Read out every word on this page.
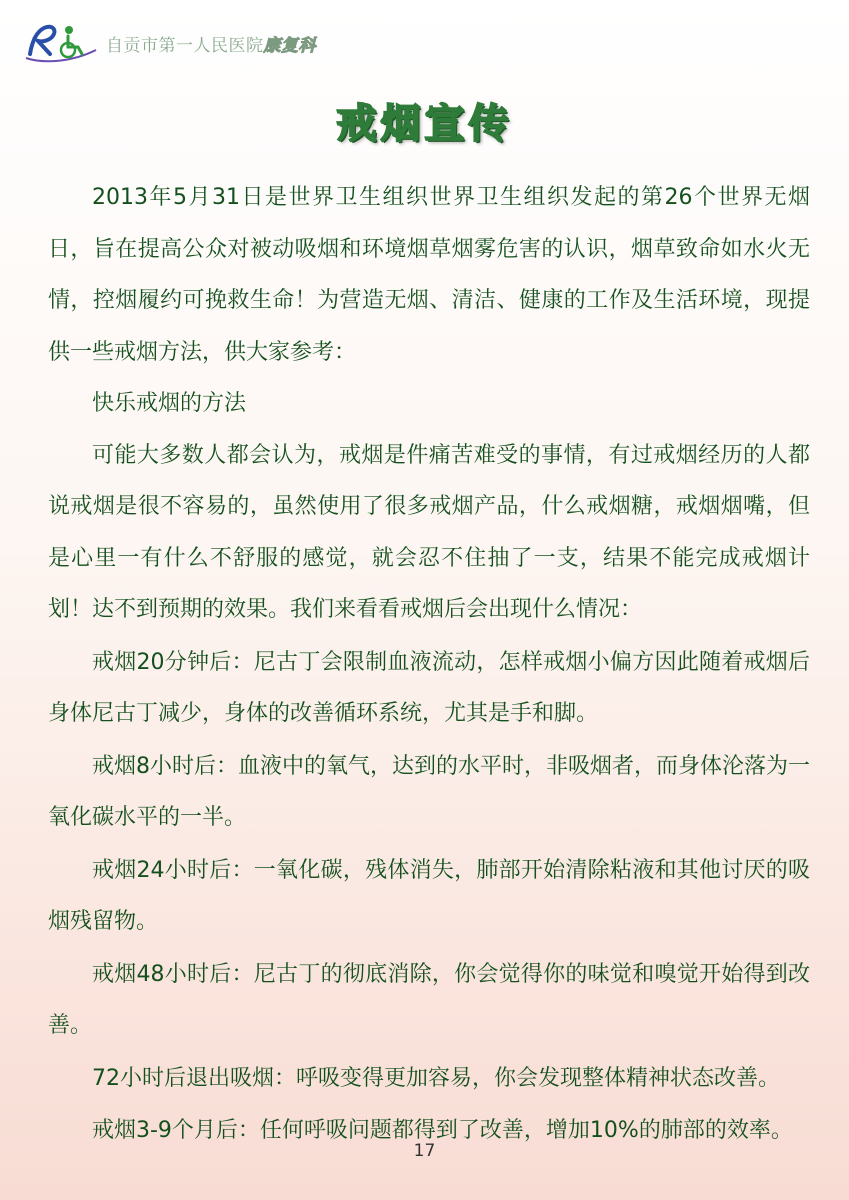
自贡市第一人民医院康复科
戒烟宣传

2013年5月31日是世界卫生组织世界卫生组织发起的第26个世界无烟日，旨在提高公众对被动吸烟和环境烟草烟雾危害的认识，烟草致命如水火无情，控烟履约可挽救生命！为营造无烟、清洁、健康的工作及生活环境，现提供一些戒烟方法，供大家参考：

快乐戒烟的方法

可能大多数人都会认为，戒烟是件痛苦难受的事情，有过戒烟经历的人都说戒烟是很不容易的，虽然使用了很多戒烟产品，什么戒烟糖，戒烟烟嘴，但是心里一有什么不舒服的感觉，就会忍不住抽了一支，结果不能完成戒烟计划！达不到预期的效果。我们来看看戒烟后会出现什么情况：

戒烟20分钟后：尼古丁会限制血液流动，怎样戒烟小偏方因此随着戒烟后身体尼古丁减少，身体的改善循环系统，尤其是手和脚。

戒烟8小时后：血液中的氧气，达到的水平时，非吸烟者，而身体沦落为一氧化碳水平的一半。

戒烟24小时后：一氧化碳，残体消失，肺部开始清除粘液和其他讨厌的吸烟残留物。

戒烟48小时后：尼古丁的彻底消除，你会觉得你的味觉和嗅觉开始得到改善。

72小时后退出吸烟：呼吸变得更加容易，你会发现整体精神状态改善。

戒烟3-9个月后：任何呼吸问题都得到了改善，增加10%的肺部的效率。

17
